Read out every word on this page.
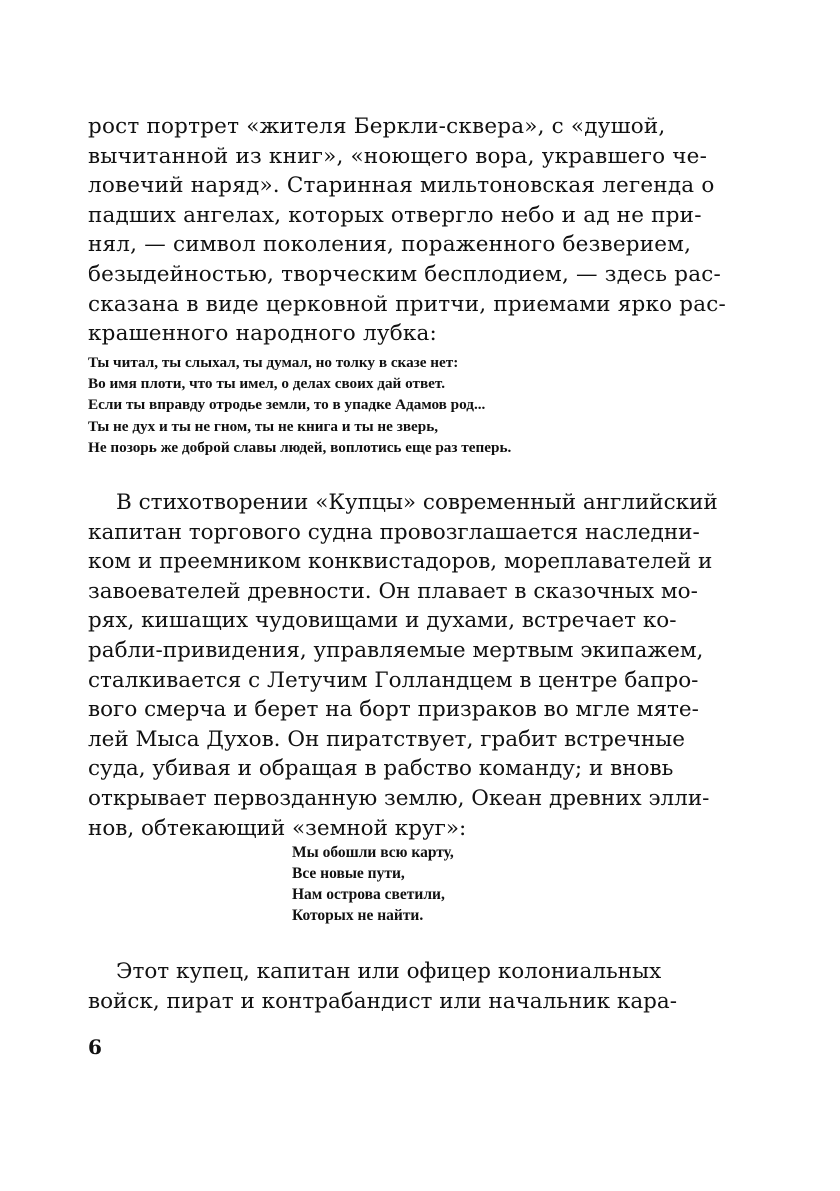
рост портрет «жителя Беркли-сквера», с «душой,
вычитанной из книг», «ноющего вора, укравшего че-
ловечий наряд». Старинная мильтоновская легенда о
падших ангелах, которых отвергло небо и ад не при-
нял, — символ поколения, пораженного безверием,
безыдейностью, творческим бесплодием, — здесь рас-
сказана в виде церковной притчи, приемами ярко рас-
крашенного народного лубка:
Ты читал, ты слыхал, ты думал, но толку в сказе нет:
Во имя плоти, что ты имел, о делах своих дай ответ.
Если ты вправду отродье земли, то в упадке Адамов род...
Ты не дух и ты не гном, ты не книга и ты не зверь,
Не позорь же доброй славы людей, воплотись еще раз теперь.
В стихотворении «Купцы» современный английский
капитан торгового судна провозглашается наследни-
ком и преемником конквистадоров, мореплавателей и
завоевателей древности. Он плавает в сказочных мо-
рях, кишащих чудовищами и духами, встречает ко-
рабли-привидения, управляемые мертвым экипажем,
сталкивается с Летучим Голландцем в центре бапро-
вого смерча и берет на борт призраков во мгле мяте-
лей Мыса Духов. Он пиратствует, грабит встречные
суда, убивая и обращая в рабство команду; и вновь
открывает первозданную землю, Океан древних элли-
нов, обтекающий «земной круг»:
Мы обошли всю карту,
Все новые пути,
Нам острова светили,
Которых не найти.
Этот купец, капитан или офицер колониальных
войск, пират и контрабандист или начальник кара-
6
